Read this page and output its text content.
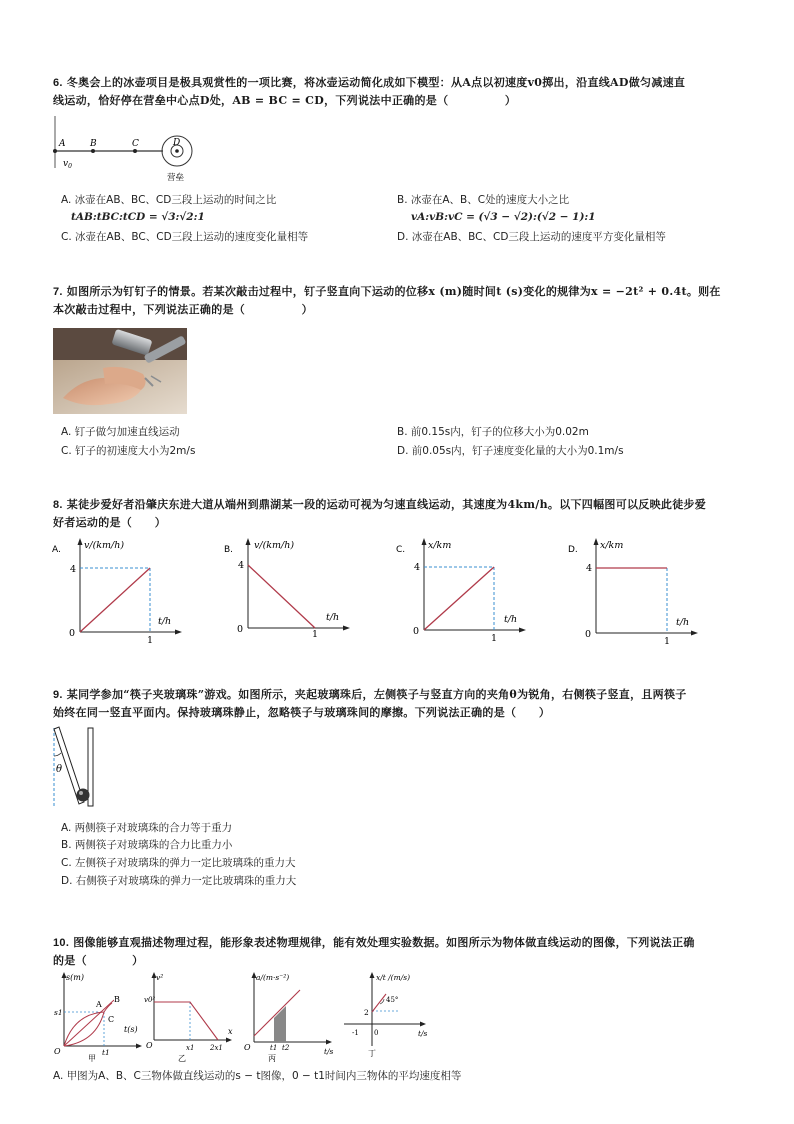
6. 冬奥会上的冰壶项目是极具观赏性的一项比赛，将冰壶运动简化成如下模型：从A点以初速度v0掷出，沿直线AD做匀减速直
线运动，恰好停在营垒中心点D处，AB = BC = CD，下列说法中正确的是（　　　　　）
A	B	C	D
$v_0$
营垒
A. 冰壶在AB、BC、CD三段上运动的时间之比
tAB:tBC:tCD = √3:√2:1
B. 冰壶在A、B、C处的速度大小之比
vA:vB:vC = (√3 − √2):(√2 − 1):1
C. 冰壶在AB、BC、CD三段上运动的速度变化量相等	D. 冰壶在AB、BC、CD三段上运动的速度平方变化量相等
7. 如图所示为钉钉子的情景。若某次敲击过程中，钉子竖直向下运动的位移x (m)随时间t (s)变化的规律为x = −2t² + 0.4t。则在
本次敲击过程中，下列说法正确的是（　　　　　）
A. 钉子做匀加速直线运动	B. 前0.15s内，钉子的位移大小为0.02m
C. 钉子的初速度大小为2m/s	D. 前0.05s内，钉子速度变化量的大小为0.1m/s
8. 某徒步爱好者沿肇庆东进大道从端州到鼎湖某一段的运动可视为匀速直线运动，其速度为4km/h。以下四幅图可以反映此徒步爱
好者运动的是（　　）
A. v/(km/h)
t/h
4
1
0
B. v/(km/h)
t/h
4
1
0
C. x/km
t/h
4
1
0
D. x/km
t/h
4
1
0
9. 某同学参加“筷子夹玻璃珠”游戏。如图所示，夹起玻璃珠后，左侧筷子与竖直方向的夹角θ为锐角，右侧筷子竖直，且两筷子
始终在同一竖直平面内。保持玻璃珠静止，忽略筷子与玻璃珠间的摩擦。下列说法正确的是（　　）
θ
A. 两侧筷子对玻璃珠的合力等于重力
B. 两侧筷子对玻璃珠的合力比重力小
C. 左侧筷子对玻璃珠的弹力一定比玻璃珠的重力大
D. 右侧筷子对玻璃珠的弹力一定比玻璃珠的重力大
10. 图像能够直观描述物理过程，能形象表述物理规律，能有效处理实验数据。如图所示为物体做直线运动的图像，下列说法正确
的是（　　　　）
s(m)
t(s)
s1
t1
O
A
B
C
甲
v²
x
v0²
x1 2x1
O
乙
a/(m·s⁻²)
t/s
t1 t2
O
丙
x/t /(m/s)
t/s
2
-1 0
45°
丁
A. 甲图为A、B、C三物体做直线运动的s − t图像，0 − t1时间内三物体的平均速度相等
